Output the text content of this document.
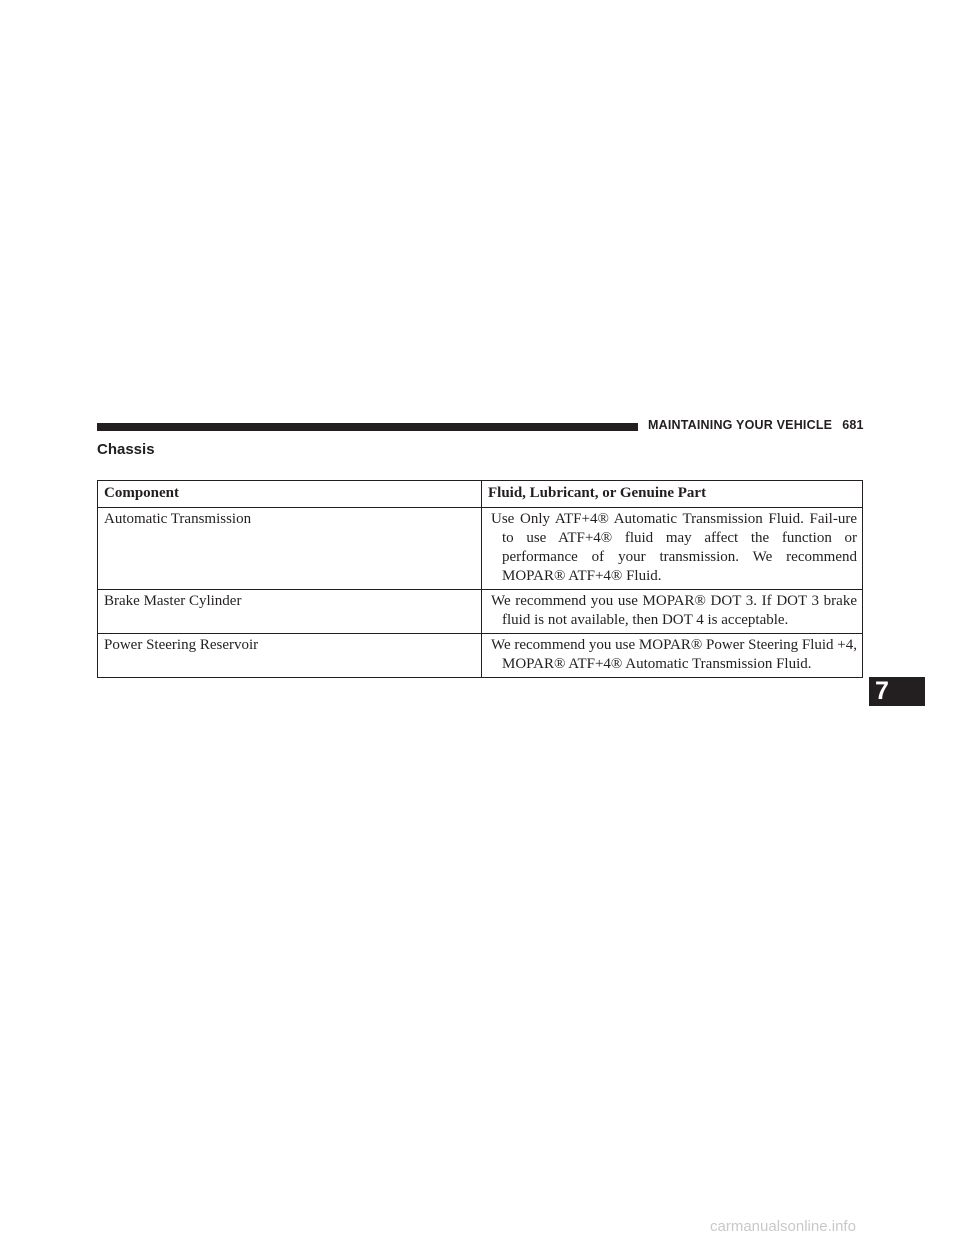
MAINTAINING YOUR VEHICLE 681
Chassis
Component	Fluid, Lubricant, or Genuine Part
Automatic Transmission	Use Only ATF+4® Automatic Transmission Fluid. Fail-ure to use ATF+4® fluid may affect the function or performance of your transmission. We recommend MOPAR® ATF+4® Fluid.

Brake Master Cylinder	We recommend you use MOPAR® DOT 3. If DOT 3 brake fluid is not available, then DOT 4 is acceptable.

Power Steering Reservoir	We recommend you use MOPAR® Power Steering Fluid +4, MOPAR® ATF+4® Automatic Transmission Fluid.
7
carmanualsonline.info
